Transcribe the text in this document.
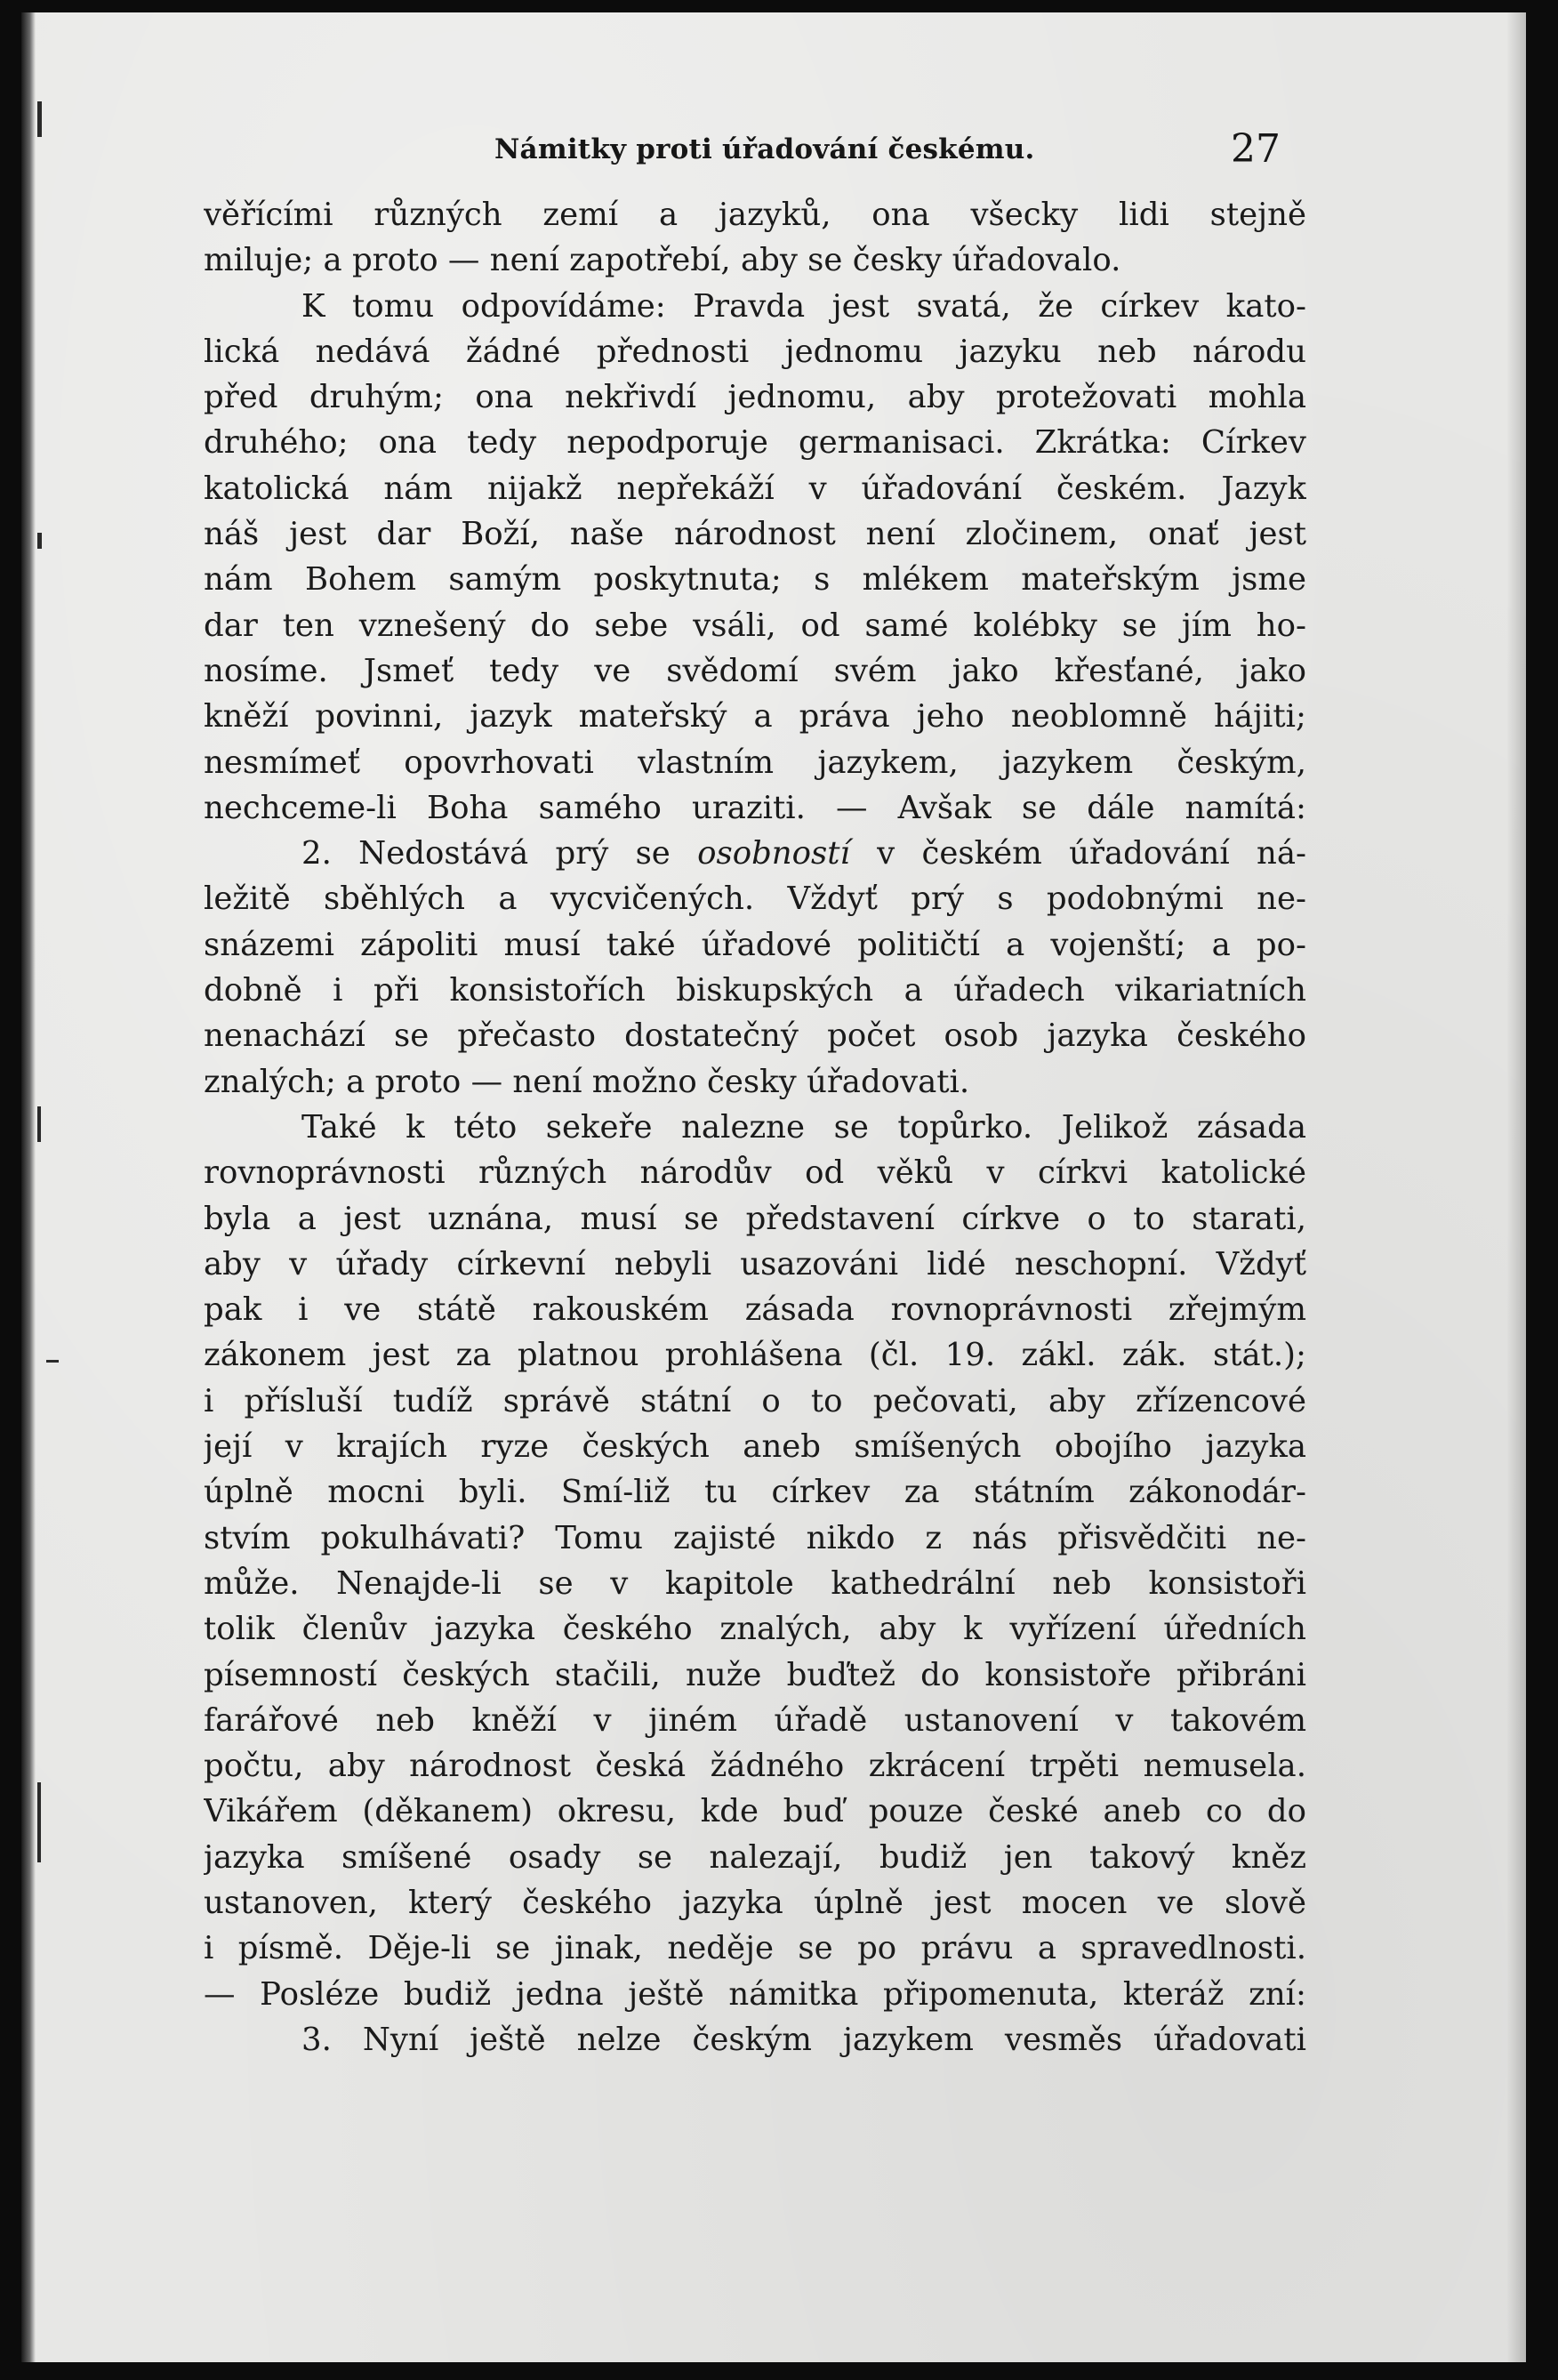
Námitky proti úřadování českému.	27
věřícími různých zemí a jazyků, ona všecky lidi stejně
miluje; a proto — není zapotřebí, aby se česky úřadovalo.
K tomu odpovídáme: Pravda jest svatá, že církev kato-
lická nedává žádné přednosti jednomu jazyku neb národu
před druhým; ona nekřivdí jednomu, aby protežovati mohla
druhého; ona tedy nepodporuje germanisaci. Zkrátka: Církev
katolická nám nijakž nepřekáží v úřadování českém. Jazyk
náš jest dar Boží, naše národnost není zločinem, onať jest
nám Bohem samým poskytnuta; s mlékem mateřským jsme
dar ten vznešený do sebe vsáli, od samé kolébky se jím ho-
nosíme. Jsmeť tedy ve svědomí svém jako křesťané, jako
kněží povinni, jazyk mateřský a práva jeho neoblomně hájiti;
nesmímeť opovrhovati vlastním jazykem, jazykem českým,
nechceme-li Boha samého uraziti. — Avšak se dále namítá:
2. Nedostává prý se osobností v českém úřadování ná-
ležitě sběhlých a vycvičených. Vždyť prý s podobnými ne-
snázemi zápoliti musí také úřadové političtí a vojenští; a po-
dobně i při konsistořích biskupských a úřadech vikariatních
nenachází se přečasto dostatečný počet osob jazyka českého
znalých; a proto — není možno česky úřadovati.
Také k této sekeře nalezne se topůrko. Jelikož zásada
rovnoprávnosti různých národův od věků v církvi katolické
byla a jest uznána, musí se představení církve o to starati,
aby v úřady církevní nebyli usazováni lidé neschopní. Vždyť
pak i ve státě rakouském zásada rovnoprávnosti zřejmým
zákonem jest za platnou prohlášena (čl. 19. zákl. zák. stát.);
i přísluší tudíž správě státní o to pečovati, aby zřízencové
její v krajích ryze českých aneb smíšených obojího jazyka
úplně mocni byli. Smí-liž tu církev za státním zákonodár-
stvím pokulhávati? Tomu zajisté nikdo z nás přisvědčiti ne-
může. Nenajde-li se v kapitole kathedrální neb konsistoři
tolik členův jazyka českého znalých, aby k vyřízení úředních
písemností českých stačili, nuže buďtež do konsistoře přibráni
farářové neb kněží v jiném úřadě ustanovení v takovém
počtu, aby národnost česká žádného zkrácení trpěti nemusela.
Vikářem (děkanem) okresu, kde buď pouze české aneb co do
jazyka smíšené osady se nalezají, budiž jen takový kněz
ustanoven, který českého jazyka úplně jest mocen ve slově
i písmě. Děje-li se jinak, neděje se po právu a spravedlnosti.
— Posléze budiž jedna ještě námitka připomenuta, kteráž zní:
3. Nyní ještě nelze českým jazykem vesměs úřadovati
